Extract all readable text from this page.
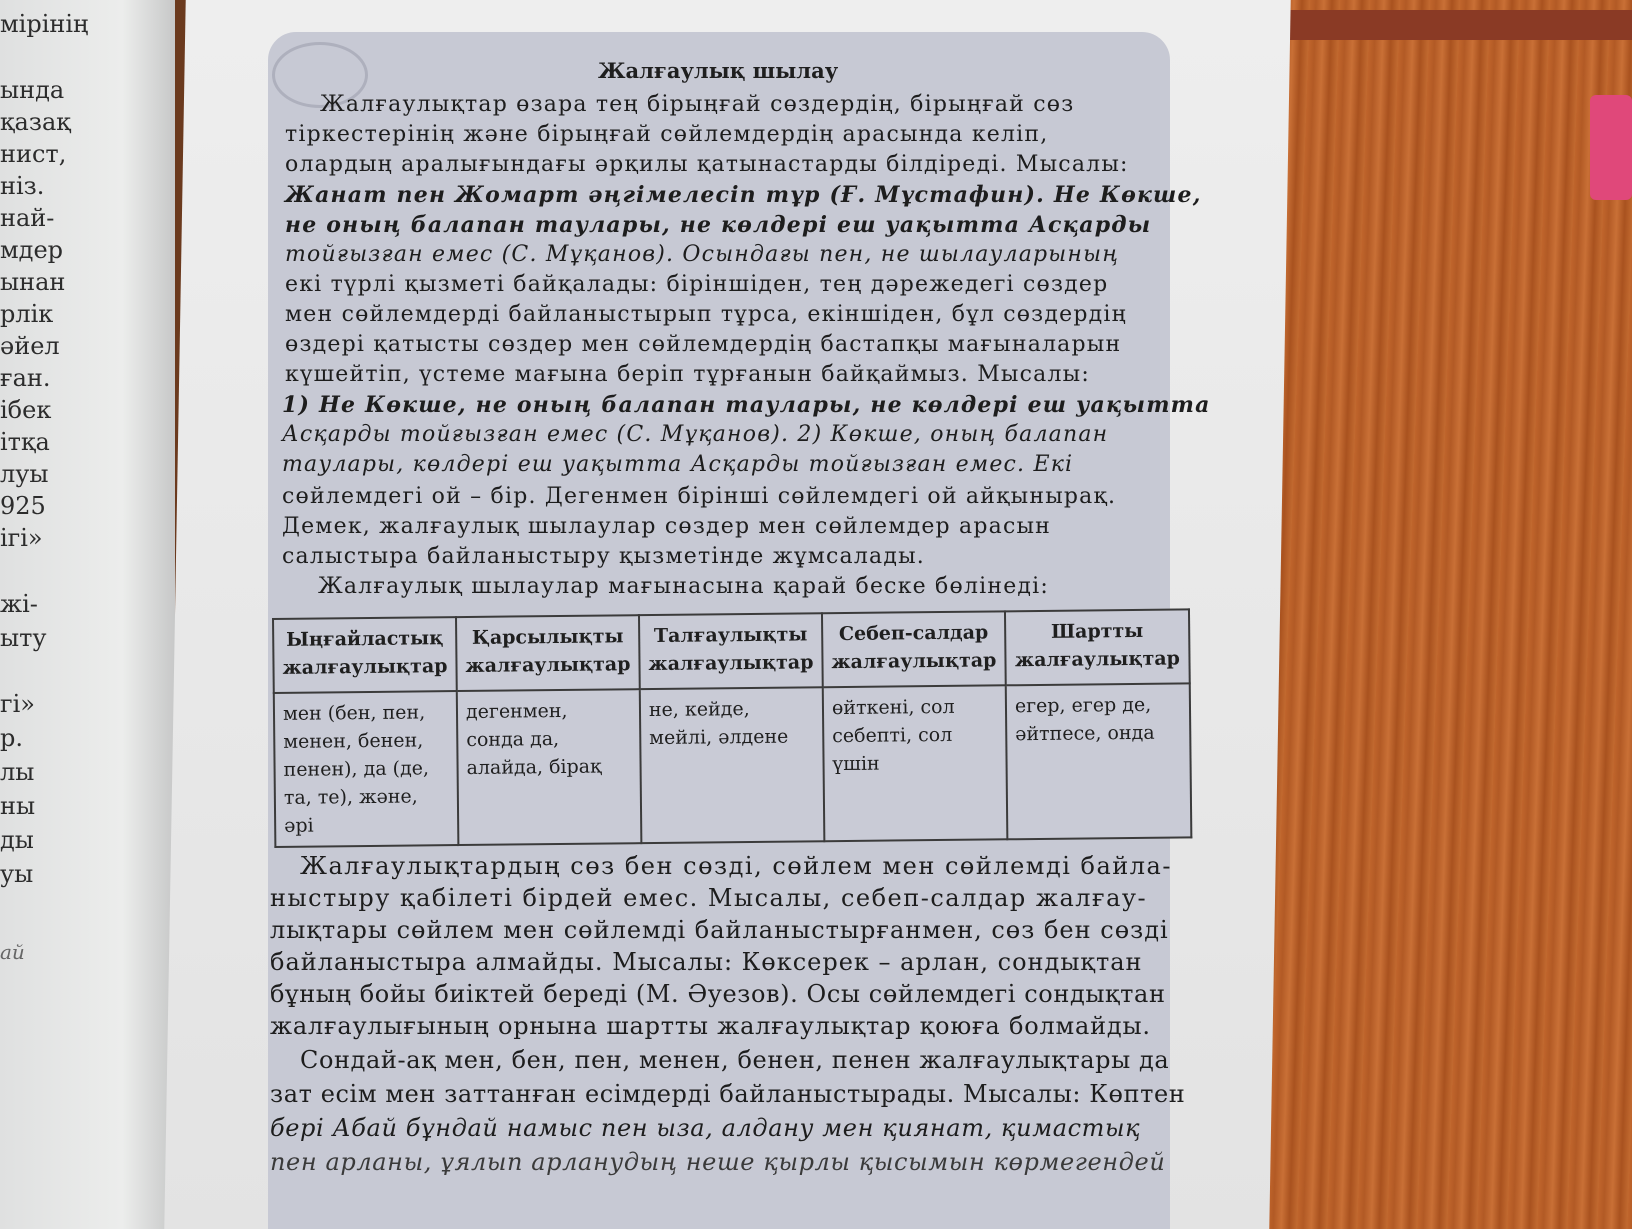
мірінің
ында
қазақ
нист,
нiз.
най-
мдер
ынан
рлік
әйел
ған.
ібек
ітқа
луы
925
ігі»
жі-
ыту
гі»
р.
лы
ны
ды
уы
ай
Жалғаулық шылау
Жалғаулықтар өзара тең бірыңғай сөздердің, бірыңғай сөз
тіркестерінің және бірыңғай сөйлемдердің арасында келіп,
олардың аралығындағы әрқилы қатынастарды білдіреді. Мысалы:
Жанат пен Жомарт әңгімелесіп тұр (Ғ. Мұстафин). Не Көкше,
не оның балапан таулары, не көлдері еш уақытта Асқарды
тойғызған емес (С. Мұқанов). Осындағы пен, не шылауларының
екі түрлі қызметі байқалады: біріншіден, тең дәрежедегі сөздер
мен сөйлемдерді байланыстырып тұрса, екіншіден, бұл сөздердің
өздері қатысты сөздер мен сөйлемдердің бастапқы мағыналарын
күшейтіп, үстеме мағына беріп тұрғанын байқаймыз. Мысалы:
1) Не Көкше, не оның балапан таулары, не көлдері еш уақытта
Асқарды тойғызған емес (С. Мұқанов). 2) Көкше, оның балапан
таулары, көлдері еш уақытта Асқарды тойғызған емес. Екі
сөйлемдегі ой – бір. Дегенмен бірінші сөйлемдегі ой айқынырақ.
Демек, жалғаулық шылаулар сөздер мен сөйлемдер арасын
салыстыра байланыстыру қызметінде жұмсалады.
Жалғаулық шылаулар мағынасына қарай беске бөлінеді:
Ыңғайластық жалғаулықтар	Қарсылықты жалғаулықтар	Талғаулықты жалғаулықтар	Себеп-салдар жалғаулықтар	Шартты жалғаулықтар
мен (бен, пен, менен, бенен, пенен), да (де, та, те), және, әрі	дегенмен, сонда да, алайда, бірақ	не, кейде, мейлі, әлдене	өйткені, сол себепті, сол үшін	егер, егер де, әйтпесе, онда
Жалғаулықтардың сөз бен сөзді, сөйлем мен сөйлемді байла-
ныстыру қабілеті бірдей емес. Мысалы, себеп-салдар жалғау-
лықтары сөйлем мен сөйлемді байланыстырғанмен, сөз бен сөзді
байланыстыра алмайды. Мысалы: Көксерек – арлан, сондықтан
бұның бойы биіктей береді (М. Әуезов). Осы сөйлемдегі сондықтан
жалғаулығының орнына шартты жалғаулықтар қоюға болмайды.
Сондай-ақ мен, бен, пен, менен, бенен, пенен жалғаулықтары да
зат есім мен заттанған есімдерді байланыстырады. Мысалы: Көптен
бері Абай бұндай намыс пен ыза, алдану мен қиянат, қимастық
пен арланы, ұялып арланудың неше қырлы қысымын көрмегендей
